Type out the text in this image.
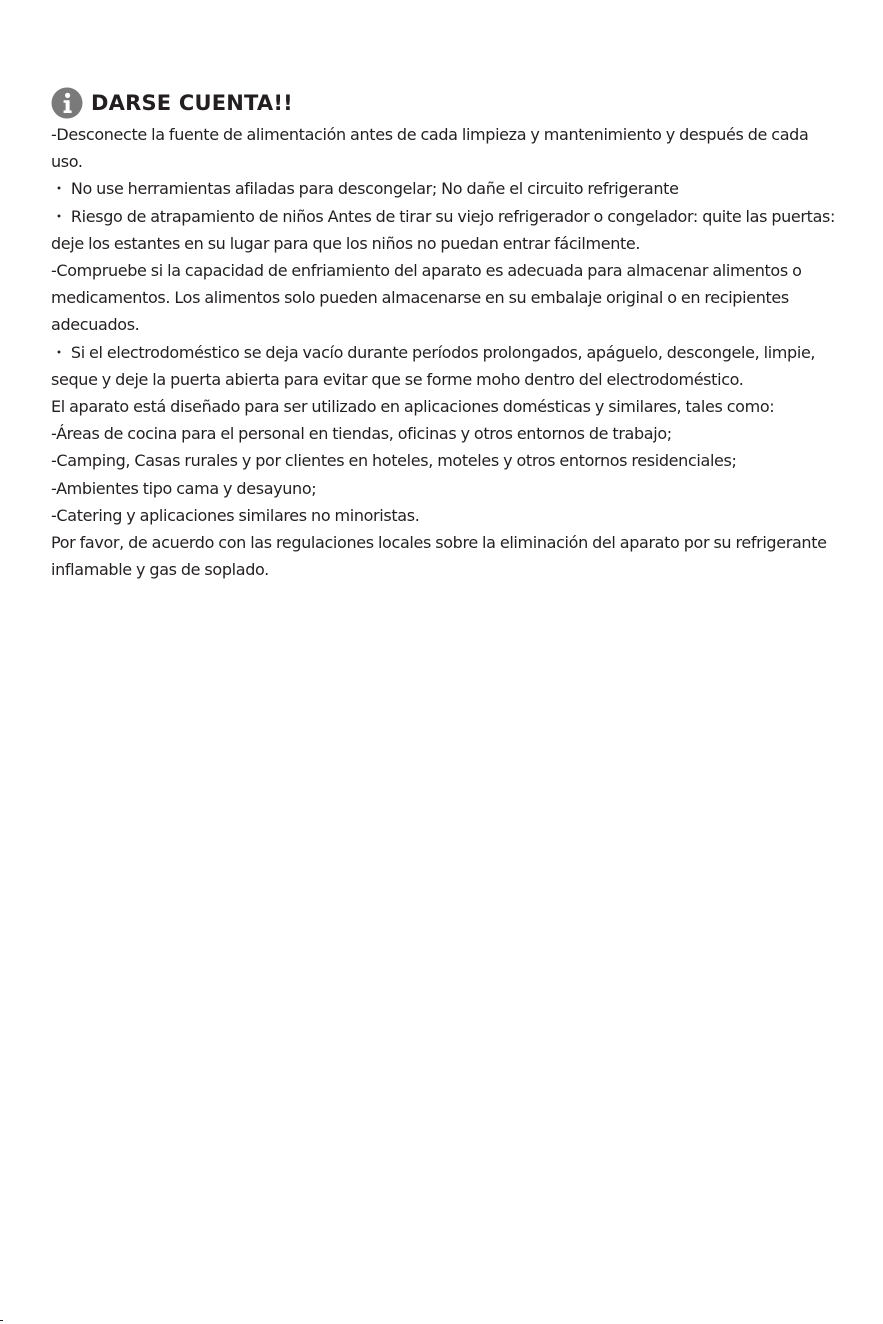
DARSE CUENTA!!
-Desconecte la fuente de alimentación antes de cada limpieza y mantenimiento y después de cada uso.
・ No use herramientas afiladas para descongelar; No dañe el circuito refrigerante
・ Riesgo de atrapamiento de niños Antes de tirar su viejo refrigerador o congelador: quite las puertas: deje los estantes en su lugar para que los niños no puedan entrar fácilmente.
-Compruebe si la capacidad de enfriamiento del aparato es adecuada para almacenar alimentos o medicamentos. Los alimentos solo pueden almacenarse en su embalaje original o en recipientes adecuados.
・ Si el electrodoméstico se deja vacío durante períodos prolongados, apáguelo, descongele, limpie, seque y deje la puerta abierta para evitar que se forme moho dentro del electrodoméstico.
El aparato está diseñado para ser utilizado en aplicaciones domésticas y similares, tales como:
-Áreas de cocina para el personal en tiendas, oficinas y otros entornos de trabajo;
-Camping, Casas rurales y por clientes en hoteles, moteles y otros entornos residenciales;
-Ambientes tipo cama y desayuno;
-Catering y aplicaciones similares no minoristas.
Por favor, de acuerdo con las regulaciones locales sobre la eliminación del aparato por su refrigerante inflamable y gas de soplado.
